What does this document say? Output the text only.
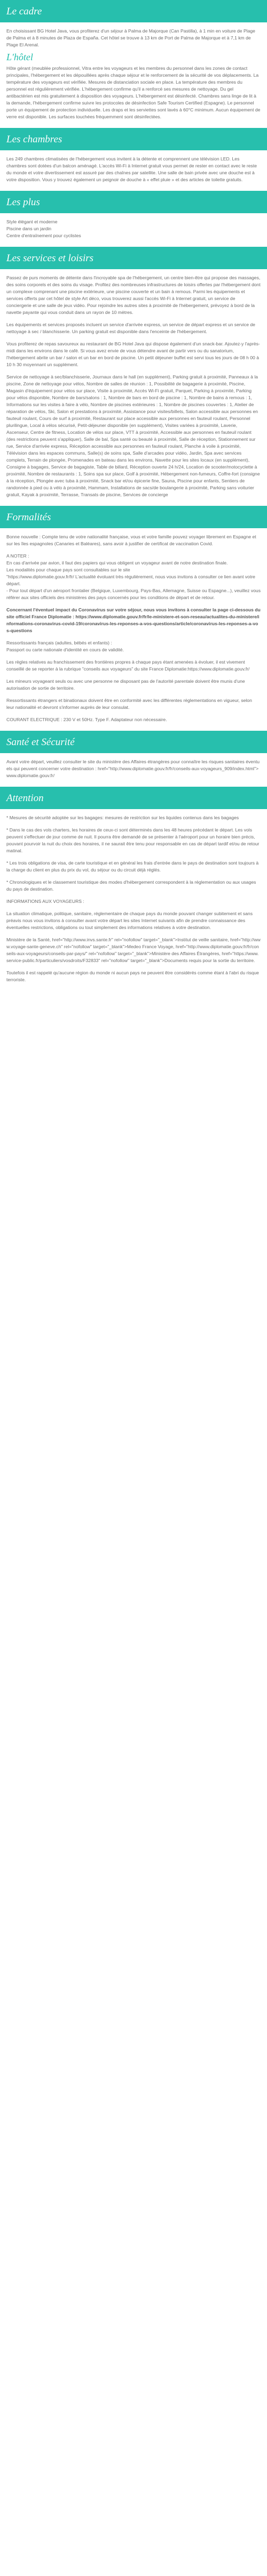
Le cadre

En choisissant BG Hotel Java, vous profiterez d'un séjour à Palma de Majorque (Can Pastilla), à 1 min en voiture de Plage de Palma et à 8 minutes de Plaza de España. Cet hôtel se trouve à 13 km de Port de Palma de Majorque et à 7,1 km de Plage El Arenal.

L'hôtel

Hôte gérant (meublée professionnel, Vitra entre les voyageurs et les membres du personnel dans les zones de contact principales, l'hébergement et les dépouillées après chaque séjour et le renforcement de la sécurité de vos déplacements. La température des voyageurs est vérifiée. Mesures de distanciation sociale en place. La température des membres du personnel est régulièrement vérifiée. L'hébergement confirme qu'il a renforcé ses mesures de nettoyage. Du gel antibactérien est mis gratuitement à disposition des voyageurs. L'hébergement est désinfecté. Chambres sans linge de lit à la demande, l'hébergement confirme suivre les protocoles de désinfection Safe Tourism Certified (Espagne). Le personnel porte un équipement de protection individuelle. Les draps et les serviettes sont lavés à 60°C minimum. Aucun équipement de verre est disponible. Les surfaces touchées fréquemment sont désinfectées.

Les chambres

Les 249 chambres climatisées de l'hébergement vous invitent à la détente et comprennent une télévision LED. Les chambres sont dotées d'un balcon aménagé. L'accès Wi-Fi à Internet gratuit vous permet de rester en contact avec le reste du monde et votre divertissement est assuré par des chaînes par satellite. Une salle de bain privée avec une douche est à votre disposition. Vous y trouvez également un peignoir de douche à « effet pluie » et des articles de toilette gratuits.

Les plus
Style élégant et moderne
Piscine dans un jardin
Centre d'entraînement pour cyclistes
Les services et loisirs

Passez de purs moments de détente dans l'incroyable spa de l'hébergement, un centre bien-être qui propose des massages, des soins corporels et des soins du visage. Profitez des nombreuses infrastructures de loisirs offertes par l'hébergement dont un complexe comprenant une piscine extérieure, une piscine couverte et un bain à remous. Parmi les équipements et services offerts par cet hôtel de style Art déco, vous trouverez aussi l'accès Wi-Fi à Internet gratuit, un service de conciergerie et une salle de jeux vidéo. Pour rejoindre les autres sites à proximité de l'hébergement, prévoyez à bord de la navette payante qui vous conduit dans un rayon de 10 mètres.

Les équipements et services proposés incluent un service d'arrivée express, un service de départ express et un service de nettoyage à sec / blanchisserie. Un parking gratuit est disponible dans l'enceinte de l'hébergement.

Vous profiterez de repas savoureux au restaurant de BG Hotel Java qui dispose également d'un snack-bar. Ajoutez-y l'après-midi dans les environs dans le café. Si vous avez envie de vous détendre avant de partir vers ou du sanatorium, l'hébergement abrite un bar / salon et un bar en bord de piscine. Un petit déjeuner buffet est servi tous les jours de 08 h 00 à 10 h 30 moyennant un supplément.

Service de nettoyage à sec/blanchisserie, Journaux dans le hall (en supplément), Parking gratuit à proximité, Panneaux à la piscine, Zone de nettoyage pour vélos, Nombre de salles de réunion : 1, Possibilité de bagagerie à proximité, Piscine, Magasin d'équipement pour vélos sur place, Visite à proximité, Accès Wi-Fi gratuit, Parquet, Parking à proximité, Parking pour vélos disponible, Nombre de bars/salons : 1, Nombre de bars en bord de piscine : 1, Nombre de bains à remous : 1, Informations sur les visites à faire à vélo, Nombre de piscines extérieures : 1, Nombre de piscines couvertes : 1, Atelier de réparation de vélos, Ski, Salon et prestations à proximité, Assistance pour visites/billets, Salon accessible aux personnes en fauteuil roulant, Cours de surf à proximité, Restaurant sur place accessible aux personnes en fauteuil roulant, Personnel plurilingue, Local à vélos sécurisé, Petit-déjeuner disponible (en supplément), Visites variées à proximité, Laverie, Ascenseur, Centre de fitness, Location de vélos sur place, VTT à proximité, Accessible aux personnes en fauteuil roulant (des restrictions peuvent s'appliquer), Salle de bal, Spa santé ou beauté à proximité, Salle de réception, Stationnement sur rue, Service d'arrivée express, Réception accessible aux personnes en fauteuil roulant, Planche à voile à proximité, Télévision dans les espaces communs, Salle(s) de soins spa, Salle d'arcades pour vidéo, Jardin, Spa avec services complets, Terrain de plongée, Promenades en bateau dans les environs, Navette pour les sites locaux (en supplément), Consigne à bagages, Service de bagagiste, Table de billard, Réception ouverte 24 h/24, Location de scooter/motocyclette à proximité, Nombre de restaurants : 1, Soins spa sur place, Golf à proximité, Hébergement non-fumeurs, Coffre-fort (consigne à la réception, Plongée avec tuba à proximité, Snack bar et/ou épicerie fine, Sauna, Piscine pour enfants, Sentiers de randonnée à pied ou à vélo à proximité, Hammam, Installations de sacs/de boulangerie à proximité, Parking sans voiturier gratuit, Kayak à proximité, Terrasse, Transats de piscine, Services de concierge

Formalités

Bonne nouvelle : Compte tenu de votre nationalité française, vous et votre famille pouvez voyager librement en Espagne et sur les îles espagnoles (Canaries et Baléares), sans avoir à justifier de certificat de vaccination Covid.

A NOTER :
En cas d'arrivée par avion, il faut des papiers qui vous obligent un voyageur avant de notre destination finale.
Les modalités pour chaque pays sont consultables sur le site
"https://www.diplomatie.gouv.fr/fr/ L'actualité évoluant très régulièrement, nous vous invitons à consulter ce lien avant votre départ.
- Pour tout départ d'un aéroport frontalier (Belgique, Luxembourg, Pays-Bas, Allemagne, Suisse ou Espagne...), veuillez vous référer aux sites officiels des ministères des pays concernés pour les conditions de départ et de retour.

Concernant l'éventuel impact du Coronavirus sur votre séjour, nous vous invitons à consulter la page ci-dessous du site officiel France Diplomatie : https://www.diplomatie.gouv.fr/fr/le-ministere-et-son-reseau/actualites-du-ministere/informations-coronavirus-covid-19/coronavirus-les-reponses-a-vos-questions/article/coronavirus-les-reponses-a-vos-questions

Ressortissants français (adultes, bébés et enfants) :
Passport ou carte nationale d'identité en cours de validité.

Les règles relatives au franchissement des frontières propres à chaque pays étant amenées à évoluer, il est vivement conseillé de se reporter à la rubrique "conseils aux voyageurs" du site France Diplomatie:https://www.diplomatie.gouv.fr/

Les mineurs voyageant seuls ou avec une personne ne disposant pas de l'autorité parentale doivent être munis d'une autorisation de sortie de territoire.

Ressortissants étrangers et binationaux doivent être en conformité avec les différentes réglementations en vigueur, selon leur nationalité et devront s'informer auprès de leur consulat.

COURANT ELECTRIQUE : 230 V et 50Hz. Type F. Adaptateur non nécessaire.

Santé et Sécurité

Avant votre départ, veuillez consulter le site du ministère des Affaires étrangères pour connaître les risques sanitaires éventuels qui peuvent concerner votre destination : href="http://www.diplomatie.gouv.fr/fr/conseils-aux-voyageurs_909/index.html">www.diplomatie.gouv.fr/

Attention

* Mesures de sécurité adoptée sur les bagages: mesures de restriction sur les liquides contenus dans les bagages

* Dans le cas des vols charters, les horaires de ceux-ci sont déterminés dans les 48 heures précédant le départ. Les vols peuvent s'effectuer de jour comme de nuit. Il pourra être demandé de se présenter à l'aéroport pour un horaire bien précis, pouvant pourvoir la nuit du choix des horaires, il ne saurait être tenu pour responsable en cas de départ tardif et/ou de retour matinal.

* Les trois obligations de visa, de carte touristique et en général les frais d'entrée dans le pays de destination sont toujours à la charge du client en plus du prix du vol, du séjour ou du circuit déjà réglés.

* Chronologiques et le classement touristique des modes d'hébergement correspondent à la réglementation ou aux usages du pays de destination.

INFORMATIONS AUX VOYAGEURS :

La situation climatique, politique, sanitaire, réglementaire de chaque pays du monde pouvant changer subitement et sans préavis nous vous invitons à consulter avant votre départ les sites Internet suivants afin de prendre connaissance des éventuelles restrictions, obligations ou tout simplement des informations relatives à votre destination.

Ministère de la Santé, href="http://www.invs.sante.fr" rel="nofollow" target="_blank">Institut de veille sanitaire, href="http://www.voyage-sante-geneve.ch" rel="nofollow" target="_blank">Medeo France Voyage, href="http://www.diplomatie.gouv.fr/fr/conseils-aux-voyageurs/conseils-par-pays/" rel="nofollow" target="_blank">Ministère des Affaires Étrangères, href="https://www.service-public.fr/particuliers/vosdroits/F32833" rel="nofollow" target="_blank">Documents requis pour la sortie du territoire.

Toutefois il est rappelé qu'aucune région du monde ni aucun pays ne peuvent être considérés comme étant à l'abri du risque terroriste.
